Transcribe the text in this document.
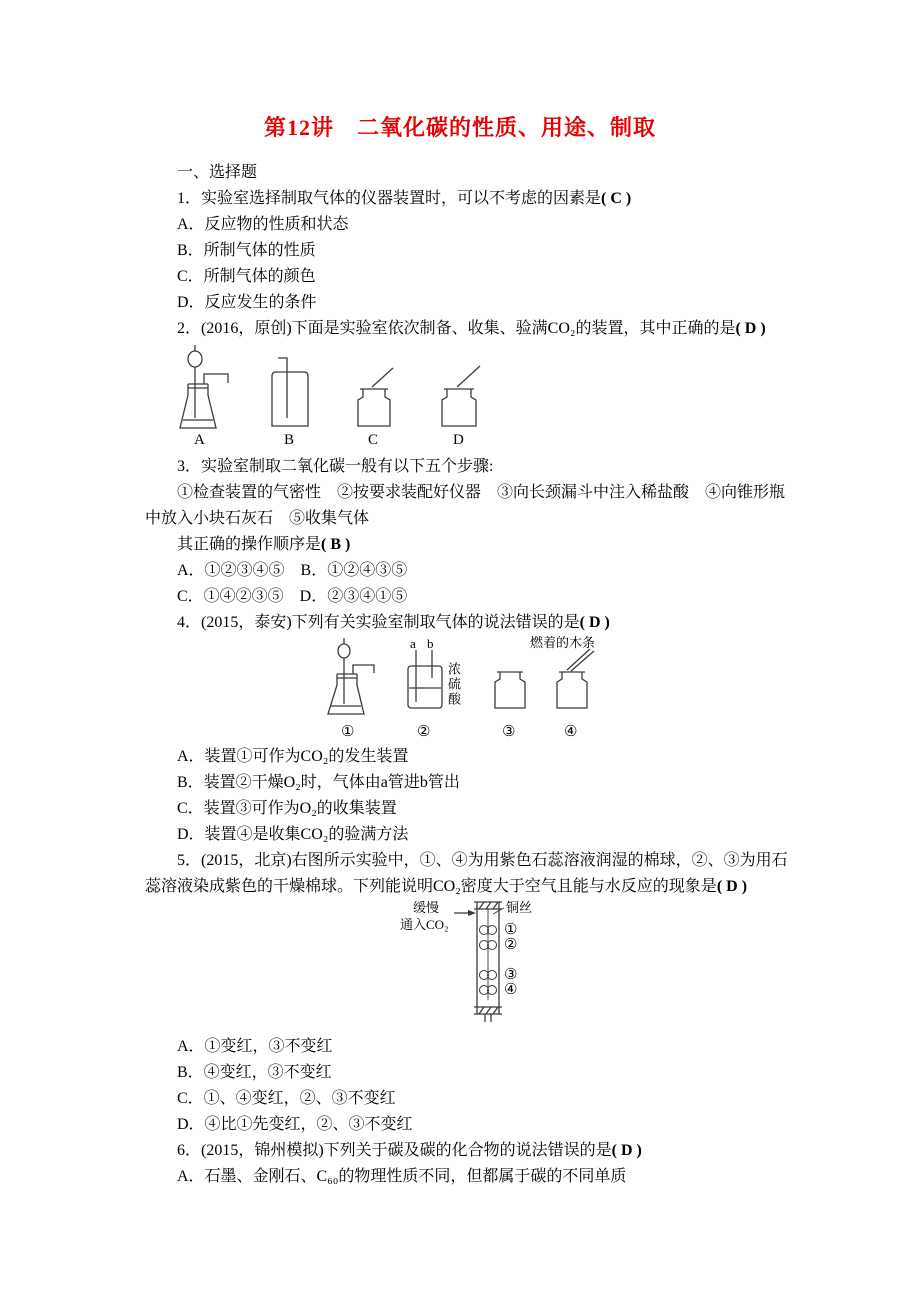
第12讲　二氧化碳的性质、用途、制取

一、选择题

1．实验室选择制取气体的仪器装置时，可以不考虑的因素是( C )

A．反应物的性质和状态

B．所制气体的性质

C．所制气体的颜色

D．反应发生的条件

2．(2016，原创)下面是实验室依次制备、收集、验满CO₂的装置，其中正确的是( D )

A	B	C	D

3．实验室制取二氧化碳一般有以下五个步骤:

①检查装置的气密性　②按要求装配好仪器　③向长颈漏斗中注入稀盐酸　④向锥形瓶中放入小块石灰石　⑤收集气体

其正确的操作顺序是( B )

A．①②③④⑤　B．①②④③⑤

C．①④②③⑤　D．②③④①⑤

4．(2015，泰安)下列有关实验室制取气体的说法错误的是( D )

a b
浓硫酸
燃着的木条
①	②	③	④

A．装置①可作为CO₂的发生装置

B．装置②干燥O₂时，气体由a管进b管出

C．装置③可作为O₂的收集装置

D．装置④是收集CO₂的验满方法

5．(2015，北京)右图所示实验中，①、④为用紫色石蕊溶液润湿的棉球，②、③为用石蕊溶液染成紫色的干燥棉球。下列能说明CO₂密度大于空气且能与水反应的现象是( D )

缓慢
通入CO₂
铜丝
①
②
③
④

A．①变红，③不变红

B．④变红，③不变红

C．①、④变红，②、③不变红

D．④比①先变红，②、③不变红

6．(2015，锦州模拟)下列关于碳及碳的化合物的说法错误的是( D )

A．石墨、金刚石、C₆₀的物理性质不同，但都属于碳的不同单质
